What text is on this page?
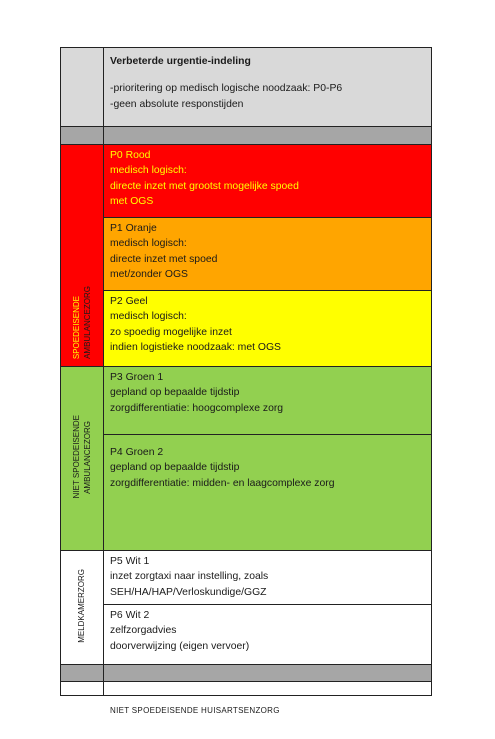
Verbeterde urgentie-indeling
-prioritering op medisch logische noodzaak: P0-P6
-geen absolute responstijden
P0 Rood
medisch logisch:
directe inzet met grootst mogelijke spoed
met OGS
P1 Oranje
medisch logisch:
directe inzet met spoed
met/zonder OGS
P2 Geel
medisch logisch:
zo spoedig mogelijke inzet
indien logistieke noodzaak: met OGS
P3 Groen 1
gepland op bepaalde tijdstip
zorgdifferentiatie: hoogcomplexe zorg
P4 Groen 2
gepland op bepaalde tijdstip
zorgdifferentiatie: midden- en laagcomplexe zorg
P5 Wit 1
inzet zorgtaxi naar instelling, zoals
SEH/HA/HAP/Verloskundige/GGZ
P6 Wit 2
zelfzorgadvies
doorverwijzing (eigen vervoer)
NIET SPOEDEISENDE HUISARTSENZORG
SPOEDEISENDE AMBULANCEZORG
NIET SPOEDEISENDE AMBULANCEZORG
MELDKAMERZORG
